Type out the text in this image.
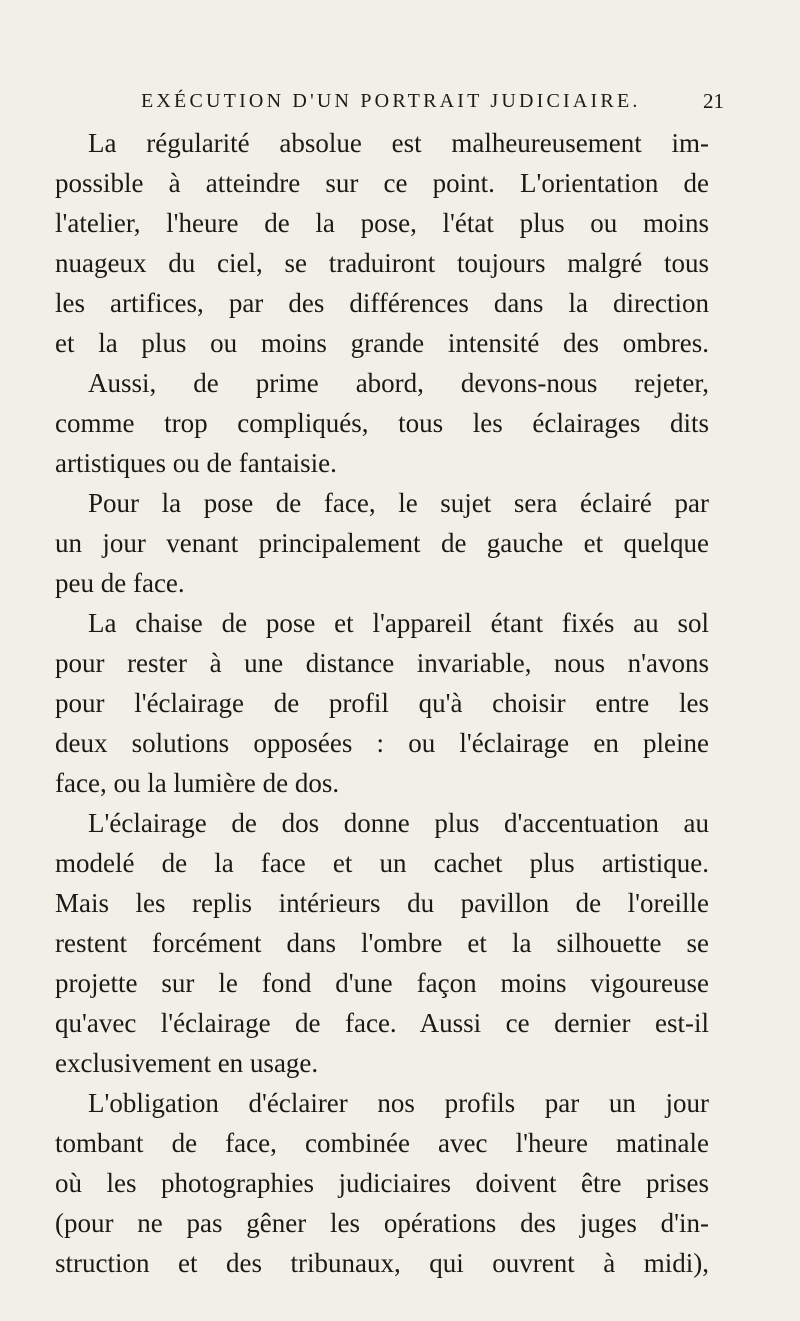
EXÉCUTION D'UN PORTRAIT JUDICIAIRE.	21
La régularité absolue est malheureusement im-
possible à atteindre sur ce point. L'orientation de
l'atelier, l'heure de la pose, l'état plus ou moins
nuageux du ciel, se traduiront toujours malgré tous
les artifices, par des différences dans la direction
et la plus ou moins grande intensité des ombres.
Aussi, de prime abord, devons-nous rejeter,
comme trop compliqués, tous les éclairages dits
artistiques ou de fantaisie.
Pour la pose de face, le sujet sera éclairé par
un jour venant principalement de gauche et quelque
peu de face.
La chaise de pose et l'appareil étant fixés au sol
pour rester à une distance invariable, nous n'avons
pour l'éclairage de profil qu'à choisir entre les
deux solutions opposées : ou l'éclairage en pleine
face, ou la lumière de dos.
L'éclairage de dos donne plus d'accentuation au
modelé de la face et un cachet plus artistique.
Mais les replis intérieurs du pavillon de l'oreille
restent forcément dans l'ombre et la silhouette se
projette sur le fond d'une façon moins vigoureuse
qu'avec l'éclairage de face. Aussi ce dernier est-il
exclusivement en usage.
L'obligation d'éclairer nos profils par un jour
tombant de face, combinée avec l'heure matinale
où les photographies judiciaires doivent être prises
(pour ne pas gêner les opérations des juges d'in-
struction et des tribunaux, qui ouvrent à midi),
